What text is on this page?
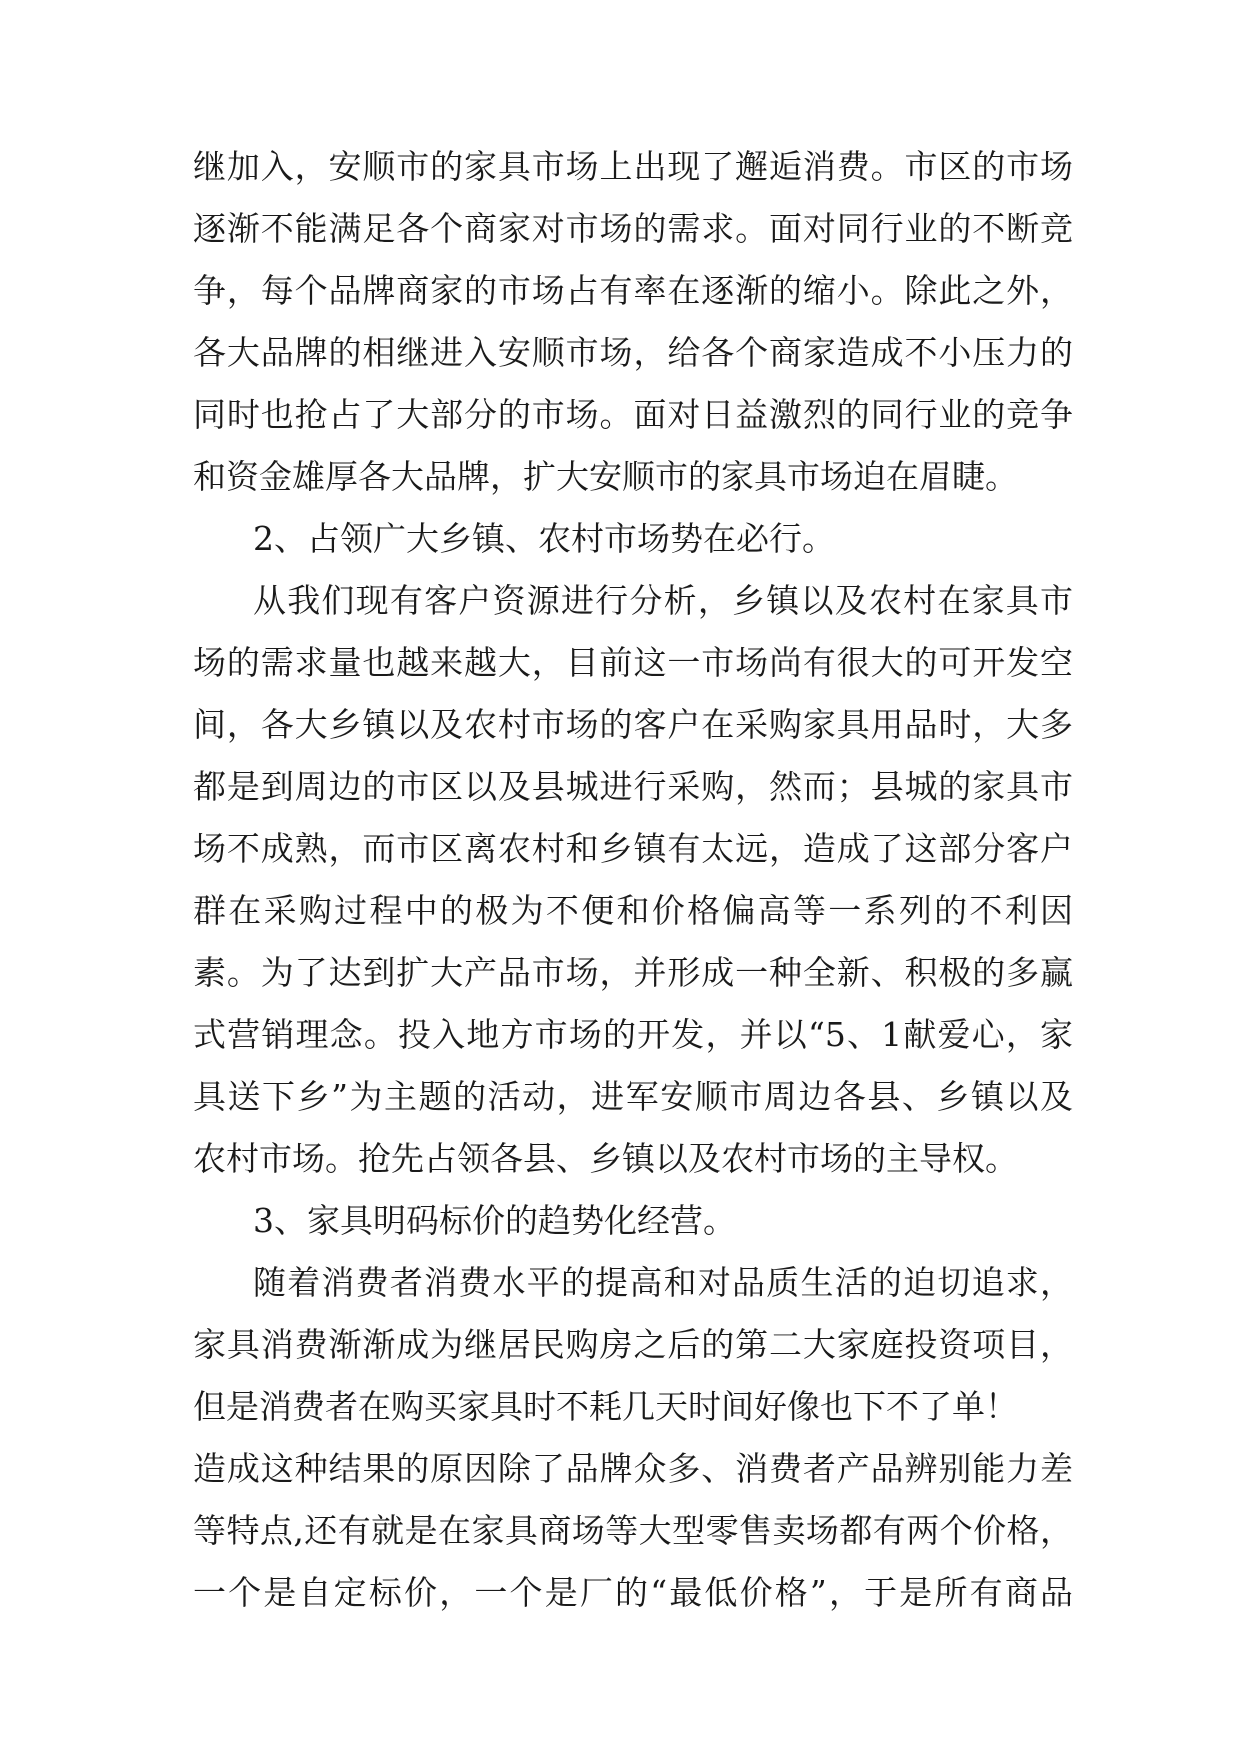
继加入，安顺市的家具市场上出现了邂逅消费。市区的市场
逐渐不能满足各个商家对市场的需求。面对同行业的不断竞
争，每个品牌商家的市场占有率在逐渐的缩小。除此之外，
各大品牌的相继进入安顺市场，给各个商家造成不小压力的
同时也抢占了大部分的市场。面对日益激烈的同行业的竞争
和资金雄厚各大品牌，扩大安顺市的家具市场迫在眉睫。
2、占领广大乡镇、农村市场势在必行。
从我们现有客户资源进行分析，乡镇以及农村在家具市
场的需求量也越来越大，目前这一市场尚有很大的可开发空
间，各大乡镇以及农村市场的客户在采购家具用品时，大多
都是到周边的市区以及县城进行采购，然而；县城的家具市
场不成熟，而市区离农村和乡镇有太远，造成了这部分客户
群在采购过程中的极为不便和价格偏高等一系列的不利因
素。为了达到扩大产品市场，并形成一种全新、积极的多赢
式营销理念。投入地方市场的开发，并以“5、1献爱心，家
具送下乡”为主题的活动，进军安顺市周边各县、乡镇以及
农村市场。抢先占领各县、乡镇以及农村市场的主导权。
3、家具明码标价的趋势化经营。
随着消费者消费水平的提高和对品质生活的迫切追求，
家具消费渐渐成为继居民购房之后的第二大家庭投资项目，
但是消费者在购买家具时不耗几天时间好像也下不了单！
造成这种结果的原因除了品牌众多、消费者产品辨别能力差
等特点,还有就是在家具商场等大型零售卖场都有两个价格，
一个是自定标价，一个是厂的“最低价格”，于是所有商品
